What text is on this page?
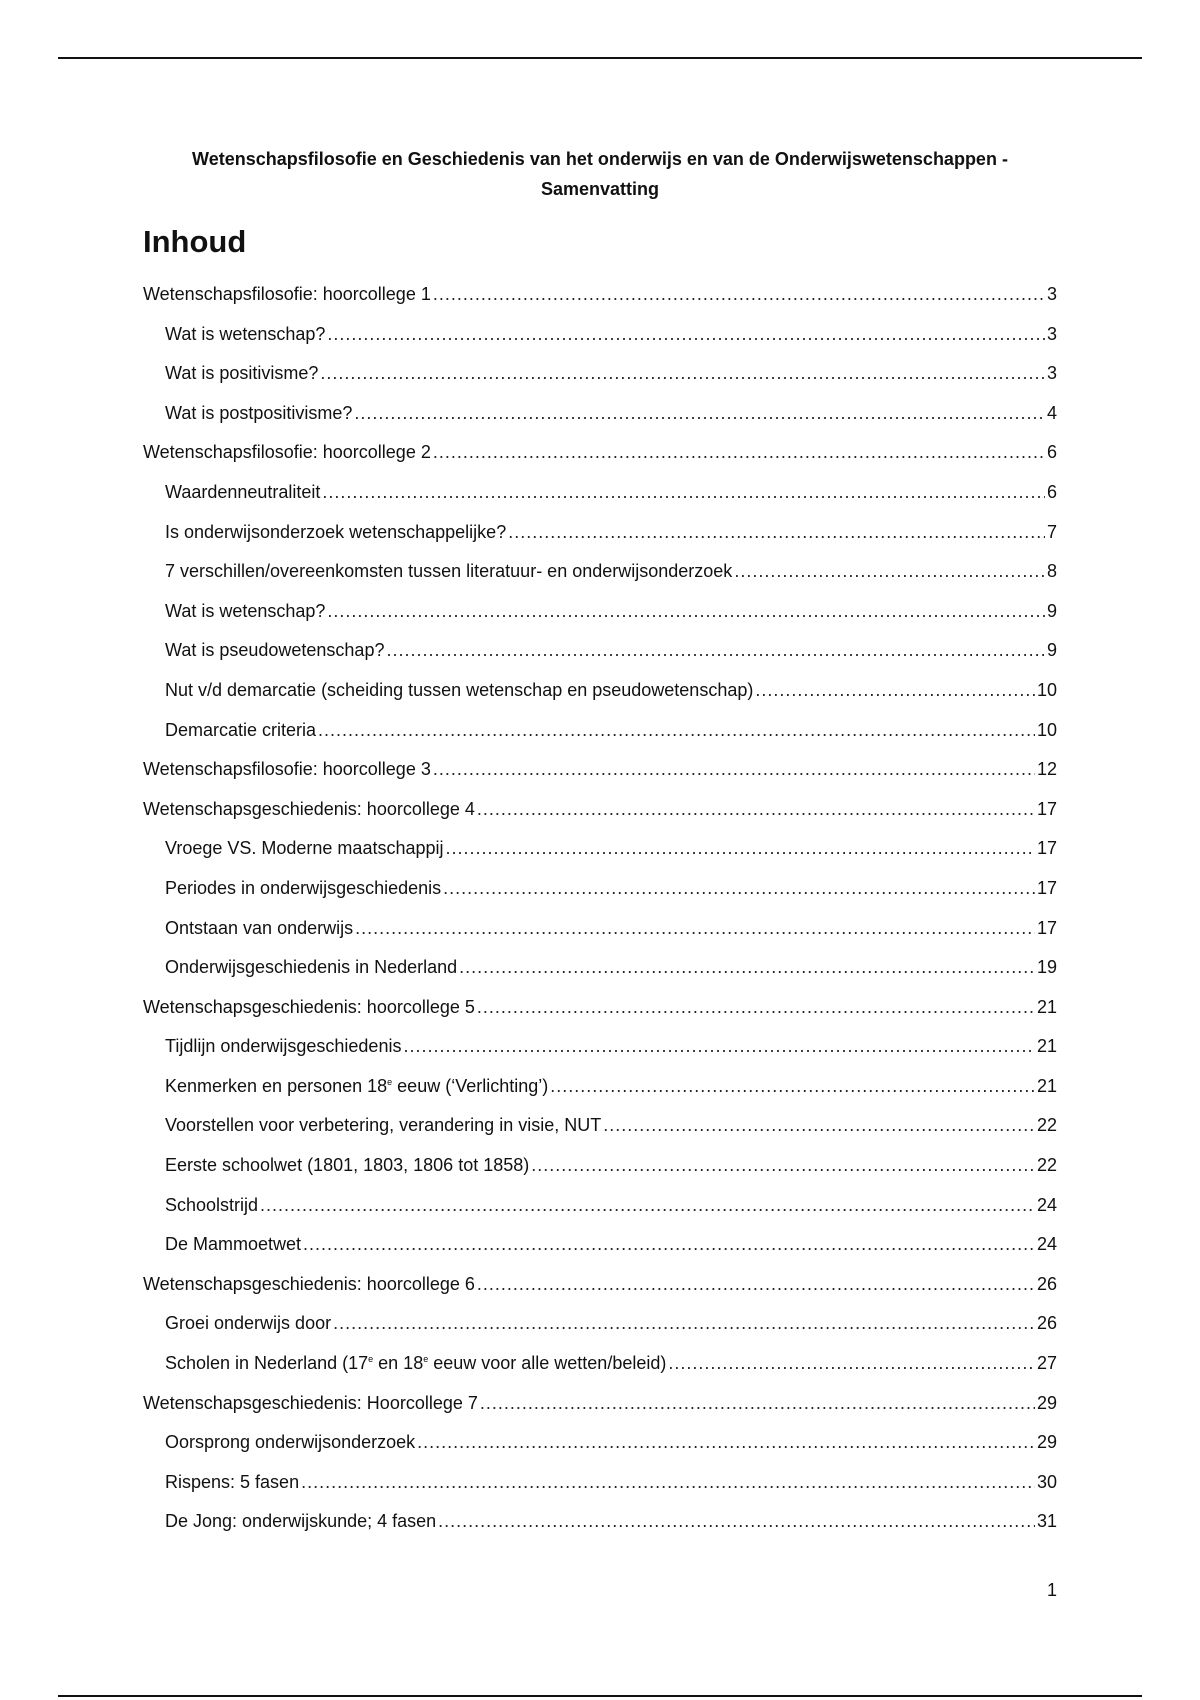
Wetenschapsfilosofie en Geschiedenis van het onderwijs en van de Onderwijswetenschappen -
Samenvatting
Inhoud
Wetenschapsfilosofie: hoorcollege 1 .....	3
Wat is wetenschap? .....	3
Wat is positivisme? .....	3
Wat is postpositivisme? .....	4
Wetenschapsfilosofie: hoorcollege 2 .....	6
Waardenneutraliteit .....	6
Is onderwijsonderzoek wetenschappelijke? .....	7
7 verschillen/overeenkomsten tussen literatuur- en onderwijsonderzoek .....	8
Wat is wetenschap? .....	9
Wat is pseudowetenschap? .....	9
Nut v/d demarcatie (scheiding tussen wetenschap en pseudowetenschap) .....	10
Demarcatie criteria .....	10
Wetenschapsfilosofie: hoorcollege 3 .....	12
Wetenschapsgeschiedenis: hoorcollege 4 .....	17
Vroege VS. Moderne maatschappij .....	17
Periodes in onderwijsgeschiedenis .....	17
Ontstaan van onderwijs .....	17
Onderwijsgeschiedenis in Nederland .....	19
Wetenschapsgeschiedenis: hoorcollege 5 .....	21
Tijdlijn onderwijsgeschiedenis .....	21
Kenmerken en personen 18e eeuw (‘Verlichting’) .....	21
Voorstellen voor verbetering, verandering in visie, NUT .....	22
Eerste schoolwet (1801, 1803, 1806 tot 1858) .....	22
Schoolstrijd .....	24
De Mammoetwet .....	24
Wetenschapsgeschiedenis: hoorcollege 6 .....	26
Groei onderwijs door .....	26
Scholen in Nederland (17e en 18e eeuw voor alle wetten/beleid) .....	27
Wetenschapsgeschiedenis: Hoorcollege 7 .....	29
Oorsprong onderwijsonderzoek .....	29
Rispens: 5 fasen .....	30
De Jong: onderwijskunde; 4 fasen .....	31
1
